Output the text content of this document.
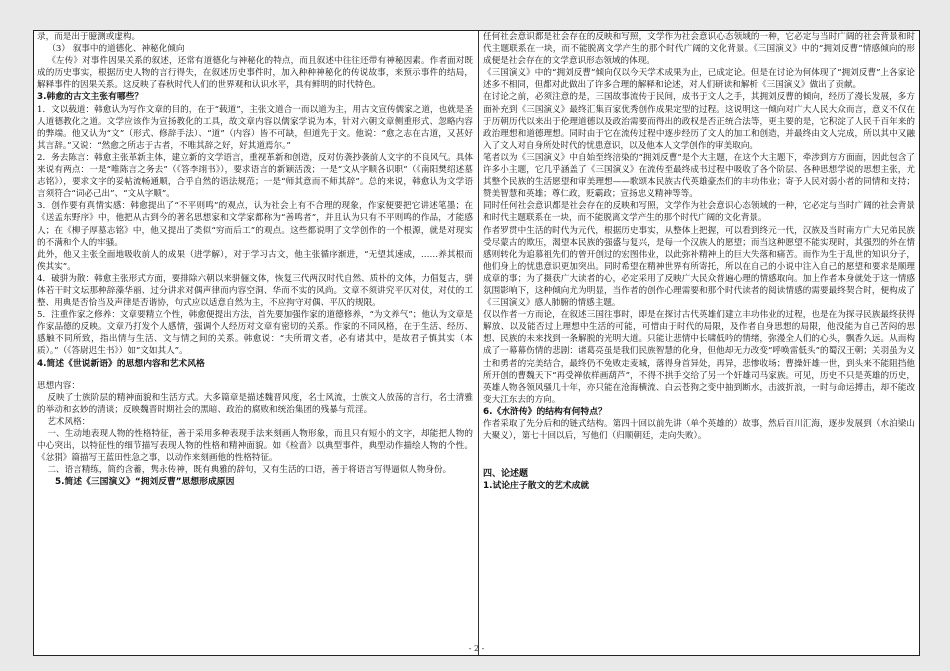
录，而是出于臆测或虚构。

（3） 叙事中的道德化、神秘化倾向

《左传》对事件因果关系的叙述，还常有道德化与神秘化的特点，而且叙述中往往还带有神秘因素。作者面对既成的历史事实，根据历史人物的言行得失，在叙述历史事件时，加入种种神秘化的传说故事，来预示事件的结局，解释事件的因果关系。这反映了春秋时代人们的世界观和认识水平，具有鲜明的时代特色。

3.韩愈的古文主张有哪些？

1．文以载道：韩愈认为写作文章的目的，在于“载道”，主张文道合一而以道为主，用古文宣传儒家之道，也就是圣人道德教化之道。文学应该作为宣扬教化的工具，故文章内容以儒家学说为本，针对六朝文章侧重形式、忽略内容的弊端。他又认为“文”（形式、修辞手法）、“道”（内容）皆不可缺，但道先于文。他说：“愈之志在古道，又甚好其言辞。”又说：“然愈之所志于古者，不唯其辞之好，好其道焉尔。”

2．务去陈言：韩愈主张革新主体，建立新的文学语言，重视革新和创造，反对仿袭抄袭前人文字的不良风气。具体来说有两点：一是“唯陈言之务去”（《答李翊书》），要求语言的新颖活泼；一是“文从字顺各识职”（《南阳樊绍述墓志铭》），要求文字的妥帖流畅通顺，合乎自然的语法规范；一是“师其意而不师其辞”。总的来说，韩愈认为文学语言须符合“词必己出”、“文从字顺”。

3．创作要有真情实感：韩愈提出了“不平则鸣”的观点，认为社会上有不合理的现象，作家便要把它讲述笔墨；在《送孟东野序》中，他把从古到今的著名思想家和文学家都称为“善鸣者”，并且认为只有不平则鸣的作品，才能感人；在《柳子厚墓志铭》中，他又提出了类似“穷而后工”的观点。这些都说明了文学创作的一个根源，就是对现实的不满和个人的牢骚。

此外，他又主张全面地吸收前人的成果（进学解），对于学习古文，他主张循序渐进，“无望其速成，……养其根而俟其实”。

4．破骈为散：韩愈主张形式方面，要排除六朝以来骈俪文体，恢复三代两汉时代自然、质朴的文体，力倡复古，骈体若干时文坛那种辞藻华丽、过分讲求对偶声律而内容空洞、华而不实的风尚。文章不须讲究平仄对仗，对仗的工整、用典是否恰当及声律是否谐协，句式应以适意自然为主，不应拘守对偶、平仄的规限。

5．注重作家之修养：文章要精立个性，韩愈便提出方法，首先要加强作家的道德修养，“为文养气”；他认为文章是作家品德的反映。文章乃打发个人感情，强调个人经历对文章有密切的关系。作家的不同风格，在于生活、经历、感触不同所致，指出情与生活、文与情之间的关系。韩愈说：“夫所谓文者，必有诸其中，是故君子慎其实（本质）。”（《答尉迟生书》）如“文如其人”。

4.简述《世说新语》的思想内容和艺术风格

思想内容：

反映了士族阶层的精神面貌和生活方式。大多篇章是描述魏晋风度，名士风流，士族文人放荡的言行，名士清雅的举动和玄妙的清谈；反映魏晋时期社会的黑暗、政治的腐败和统治集团的残暴与荒淫。

艺术风格：

一、生动地表现人物的性格特征，善于采用多种表现手法来刻画人物形象，而且只有短小的文字，却能把人物的中心突出，以特征性的细节描写表现人物的性格和精神面貌。如《检啬》以典型事件，典型动作描绘人物的个性。《忿狷》篇描写王蓝田性急之事，以动作来刻画他的性格特征。

二、语言精练，简约含蓄，隽永传神，既有典雅的辞句，又有生活的口语，善于将语言写得逼似人物身份。

5.简述《三国演义》“拥刘反曹”思想形成原因

任何社会意识都是社会存在的反映和写照，文学作为社会意识心态领域的一种，它必定与当时广阔的社会背景和时代主题联系在一块，而不能脱离文学产生的那个时代广阔的文化背景。《三国演义》中的“拥刘反曹”情感倾向的形成便是社会存在的文学意识形态领域的体现。

《三国演义》中的“拥刘反曹”倾向仅以今天学术成果为止，已成定论。但是在讨论为何体现了“拥刘反曹”上各家论述多不相同，但都对此做出了许多合理的解释和论述，对人们研读和解析《三国演义》做出了贡献。

在讨论之前，必须注意的是，三国故事流传于民间，成书于文人之手，其拥刘反曹的倾向，经历了漫长发展，多方面补充到《三国演义》最终汇集百家优秀创作成果定型的过程。这说明这一倾向对广大人民大众而言，意义不仅在于历朝历代以来出于伦理道德以及政治需要而得出的政权是否正统合法等，更主要的是，它积淀了人民千百年来的政治理想和道德理想。同时由于它在流传过程中逐步经历了文人的加工和创造，并最终由文人完成，所以其中又融入了文人对自身所处时代的忧患意识，以及他本人文学创作的审美取向。

笔者以为《三国演义》中自始至终涪染的“拥刘反曹”是个大主题，在这个大主题下，牵涉到方方面面，因此包含了许多小主题，它几乎涵盖了《三国演义》在流传至最终成书过程中吸收了各个阶层、各种思想学说的思想主张，尤其整个民族的生活愿望和审美理想——歌颂本民族古代英雄豪杰们的丰功伟业；寄予人民对弱小者的同情和支持；赞美智慧和英雄；尊仁政，贬霸政；宣扬忠义精神等等。

同时任何社会意识都是社会存在的反映和写照，文学作为社会意识心态领域的一种，它必定与当时广阔的社会背景和时代主题联系在一块，而不能脱离文学产生的那个时代广阔的文化背景。

作者罗贯中生活的时代为元代，根据历史事实，从整体上把握，可以看到终元一代，汉族及当时南方广大兄弟民族受尽蒙古的欺压，渴望本民族的强盛与复兴，是每一个汉族人的愿望；而当这种愿望不能实现时，其强烈的外在情感则转化为追慕祖先们的曾开创过的宏图伟业，以此弥补精神上的巨大失落和痛苦。而作为生于乱世的知识分子，他们身上的忧患意识更加突出。同时希望在精神世界有所寄托，所以在自己的小说中注入自己的愿望和要求是顺理成章的事；为了摄获广大读者的心，必定采用了反映广大民众普遍心理的情感取向。加上作者本身就处于这一情感氛围影响下，这种倾向尤为明显，当作者的创作心理需要和那个时代读者的阅读情感的需要最终契合时，便构成了《三国演义》感人肺腑的情感主题。

仅以作者一方而论，在叙述三国往事时，即是在探讨古代英雄们建立丰功伟业的过程，也是在为探寻民族最终获得解放、以及能否过上理想中生活的可能，可惜由于时代的局限，及作者自身思想的局限，他没能为自己苦闷的思想、民族的未来找到一条解脱的光明大道。只能让悲情中长啸低吟的情绪，弥漫全人们的心头，飘香久远。从而构成了一幕幕伤情的悲剧：诸葛亮虽是我们民族智慧的化身，但他却无力改变“呼唤雷低头”的蜀汉王朝；关羽虽为义士和勇者的完美结合，最终仍不免败走麦城，落得身首异处，再异，悲惨收场；曹操奸雄一世，到头来不能阻挡他所开创的曹魏天下“再受禅依样画葫芦”，不得不拱手交给了另一个奸雄司马家族。可见，历史不只是英雄的历史，英雄人物各领风骚几十年，亦只能在沧海横流、白云苍狗之变中抽到断水，击波折浪，一时与命运搏击，却不能改变大江东去的方向。

6.《水浒传》的结构有何特点？

作者采取了先分后和的链式结构。第四十回以前先讲（单个英雄的）故事，然后百川汇海，逐步发展到（水泊梁山大聚义），第七十回以后，写他们（归顺朝廷，走向失败）。

四、论述题
1.试论庄子散文的艺术成就
- 2 -
